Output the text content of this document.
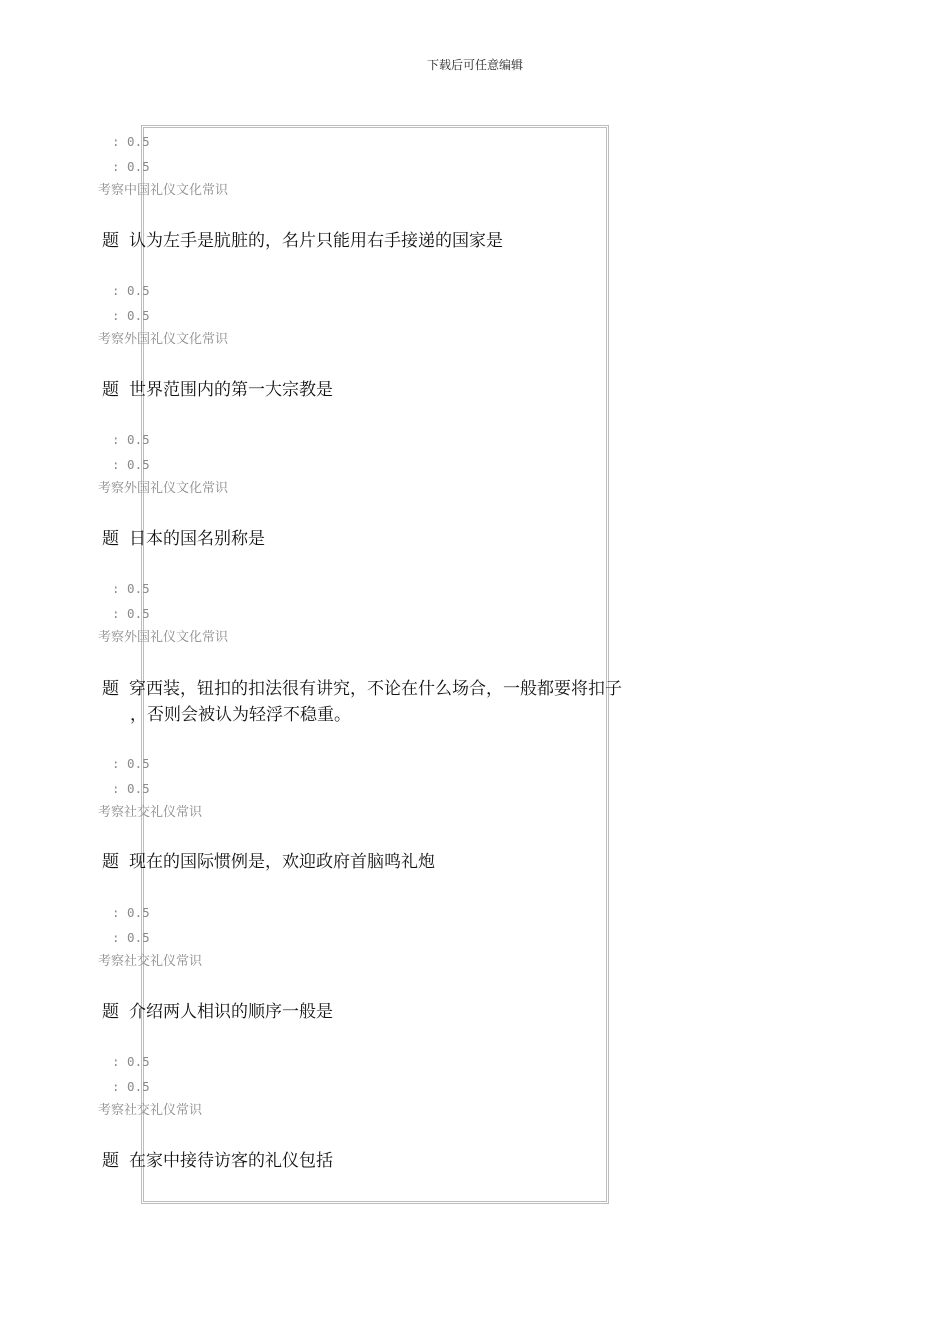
下载后可任意编辑
: 0.5
: 0.5
考察中国礼仪文化常识
题 认为左手是肮脏的，名片只能用右手接递的国家是
: 0.5
: 0.5
考察外国礼仪文化常识
题 世界范围内的第一大宗教是
: 0.5
: 0.5
考察外国礼仪文化常识
题 日本的国名别称是
: 0.5
: 0.5
考察外国礼仪文化常识
题 穿西装，钮扣的扣法很有讲究，不论在什么场合，一般都要将扣子
，否则会被认为轻浮不稳重。
: 0.5
: 0.5
考察社交礼仪常识
题 现在的国际惯例是，欢迎政府首脑鸣礼炮
: 0.5
: 0.5
考察社交礼仪常识
题 介绍两人相识的顺序一般是
: 0.5
: 0.5
考察社交礼仪常识
题 在家中接待访客的礼仪包括
